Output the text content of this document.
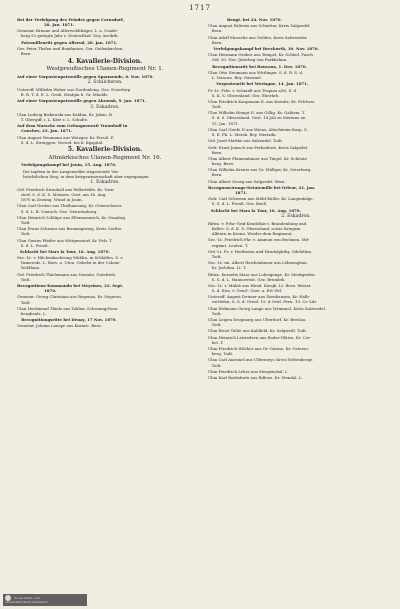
1717
Bei der Verfolgung des Feindes gegen Carnsdorf,
28. Jan. 1871.
Gemeinr. Braune und Allerwohlthäger. L. a. Conde-
berg 52 gerügtn Jahr z. Deutschhof. Gey. Aredrik.
Patrouillenritt gegen Allernd, 28. Jan. 1871.
Ger. Peter Thelen und Bonifanten, Ger. Geilenkirchen.
Bern.
4. Kavallerie-Division.
Westpreußisches Ulanen-Regiment Nr. 1.
Auf einer Vorpostenpatrouille gegen Sparmonde, 6. Nov. 1870.
2. Schilcheron.
Unteroff. Wilhelm Weber aus Nordenleng. Gez. Noordorp.
B. R. T. d. E. L. Grub. Mrafgin b. Gr. Mäuldr.
Auf einer Vorpostenpatrouille gegen Akronsk, 9. Jan. 1871.
3. Eskadron.
Ulan Ludwig Biskowski aus Kaldan, Kr. Jekno. B.
T. Gbergiff, i. L. Klee z. L. Schulte.
Auf dem Marsche zum Gefangnenexit Traunhoff in
Conches, 23. Jan. 1871.
Ulan August Neumann aus Wotzger, Kr. Preuß. F.
S. d. L. Streiggen. Verwol. bei b. Kgspital.
5. Kavallerie-Division.
Altmärkisches Ulanen-Regiment Nr. 16.
Verfolgungskampf bei Jouin, 15. Aug. 1870.
Die tapfern in der Langenseller ringsetende Vor-
brüchtlichen Sieg, in dem kriegswissenschaft aber engegangen.
1. Eskadron.
Gef. Friedrich Strauball aus Willerfelde, Kr. Vorn-
sterf. S. d. K. S. Meissen. Gest. am 16. Aug.
1870 in Zezung. Wund in Jouin.
Ulan Carl Groher aus Thelhansung, Kr. Osterschoser.
S. d. L. B. Umroch. Gez. Neuweinburg.
Ulan Heinrich Schlüpe aus Ellenmeinrich, Kr. Osnabrg.
Todt.
Ulan Franz Schwarz aus Brommgerieg, Kreis Gorlitz.
Todt.
Ulan Gustav Pfeifer aus Wittgenstorf, Kr. Felz. T.
S. d. L. Preuß.
Schlacht bei Mars la Tour, 16. Aug. 1870.
Sec.-Lt. v. Hilchenbachrung Mühlin, in Schlalfen. S. v.
Vamerode. L. Bors. a. Uton. Gebelst in der Colone-
Woldham.
Gef. Friedrich Thielemann aus Neunitz, Gutsfrieb.
Todt.
Recognitions-Kommando bei Meyrines, 22. Sept.
1870.
Gemeinr. Georg Christiani aus Regensa, Kr. Segeron.
Todt.
Ulan Herdinand Thiele aus Tehlen, Schwanig/Nom-
berghanlz. L.
Recognitiongsritte bei Denay, 17 Nov. 1870.
Gemeinr. Johann Lauspe aus Karnee. Bern.
Bengt. bei 24. Nov. 1870.
Ulan August Palterm aus Schnittar, Kreis Salgsedel.
Bern.
Ulan Adolf Mussche aus Gelden, Kreis Salwweder.
Bern.
Verfolgungskampf bei Breckurth, 30. Nov. 1870.
Ulan Hermann Gruber aus Tempel, Kr. Schled. Pasch.
Gef. 30. Nov. Jüterbog von Parkbehnn.
Recognitionsritt bei Bouvaux, 1. Dez. 1870.
Ulan Otto Neumann aus Wittlinger. S. d. R. S. d.
L. Duncan. Bey. Gussinel.
Vorpostenritt bei Meriagne, 14. Jan. 1871.
Pr.-Lt. Frhr. v. Schmidt aus Tespiau a/M. S. d.
S. K. S. Obsessland. Gez. Eberhrb.
Ulan Friedrich Kaupmann II. aus Kornitz, Kr. Felchow.
Todt.
Ulan Wilhelm Hempt II. aus Gillig, Kr. Galitzm. T.
S. d. S. Obsessland. Gest. 14 Juli zu Meriane an
15. Jan. 1871.
Ulan Carl Griefe II aus Wiens, Altschitzim-Kasp. S.
S. E. Pk. L. Mersk. Bey. Meriadn.
Gef. Josef Mattke aus Salzendel. Todt.
Gefr. Ernst Jemsch aus Perhaderst, Kreis Salgedel.
Bern.
Ulan Albert Pfannenhauer aus Tingel. Kr. Schöntz-
berg. Bern.
Ulan Wilhelm Kreutz aus Gr. Müllger, Kr. Osterburg.
Bern.
Ulan Albert Georg aus Salgsedel. Bern.
Recognoscirungs-Detatemille bei Orleur, 21. Jan.
1871.
Gefr. Carl Schwenn aus Mühl-Küller, Kr. Langenfalge.
S. S. d. L. Preuß. Gez. Beeß.
Schlacht bei Mars la Tour, 16. Aug. 1870.
2. Eskadron.
Rittm. v. Frhr.-Graf Kendelkis v. Brandenburg und
Kelles. S. d. K. S. Obsessland, sowie Kriegsm
Albtern in Kronn. Wieder dem Regiment.
Sec.-Lt. Friedrich Fhr. v. Ammun von Bechnen. Mit-
regmnt. Leuten. T.
Gef.-Lt. Fr. v. Heitheren und Hrudolphthy. Gdelethm.
Todt.
Sec.-Lt.-im. Albert Reichenhauer aus Löhnenghan,
Kr. Jerlohm. Lt. T.
Rittm. Kernehe Mass aus Loheigenge, Kr. Merkgrafen.
S. S. d. L. Hannovrisit. Gez. Brumleb.
Sec.-Lt. v. Mühle aus Wend. Kuvgb. Lt. Bern. Weizst.
S. d. Eiss. v. Gend'. Gest. a. Erl.-Erl.
Unteroff. August Detmer aus Ilsenhausen, Kr. Halb-
vortlefen. S. S. d. Ortsd. 19. d Ortd. Preu. 19. Cr.-Ldr.
Ulan Erdmann Georg Lange aus Wrinnnel, Kreis Salzwedel.
Todt.
Ulan Leipen Dropmorg aus Ulterdorf, Kr. Breslau.
Todt.
Ulan Ernst Tollte aus Kahlfeld, Kr. Salgwedl. Todt.
Ulan Heinrich Leistedern aus Rader-Glätze, Kr. Cor-
bel. T.
Ulan Friedrich Wilcher aus Gr.-Garme, Kr. Osterso-
berg. Todt.
Ulan Carl Aurzinel aus Ulfermeyr, Kreis Wittenberge.
Todt.
Ulan Friedrich Lehre aus Mergensbal. L.
Ulan Karl Rosbsfurts aus Rdlenz, Kr. Stendal. L.
Universitäts- und
Landesbibliothek Düsseldorf
